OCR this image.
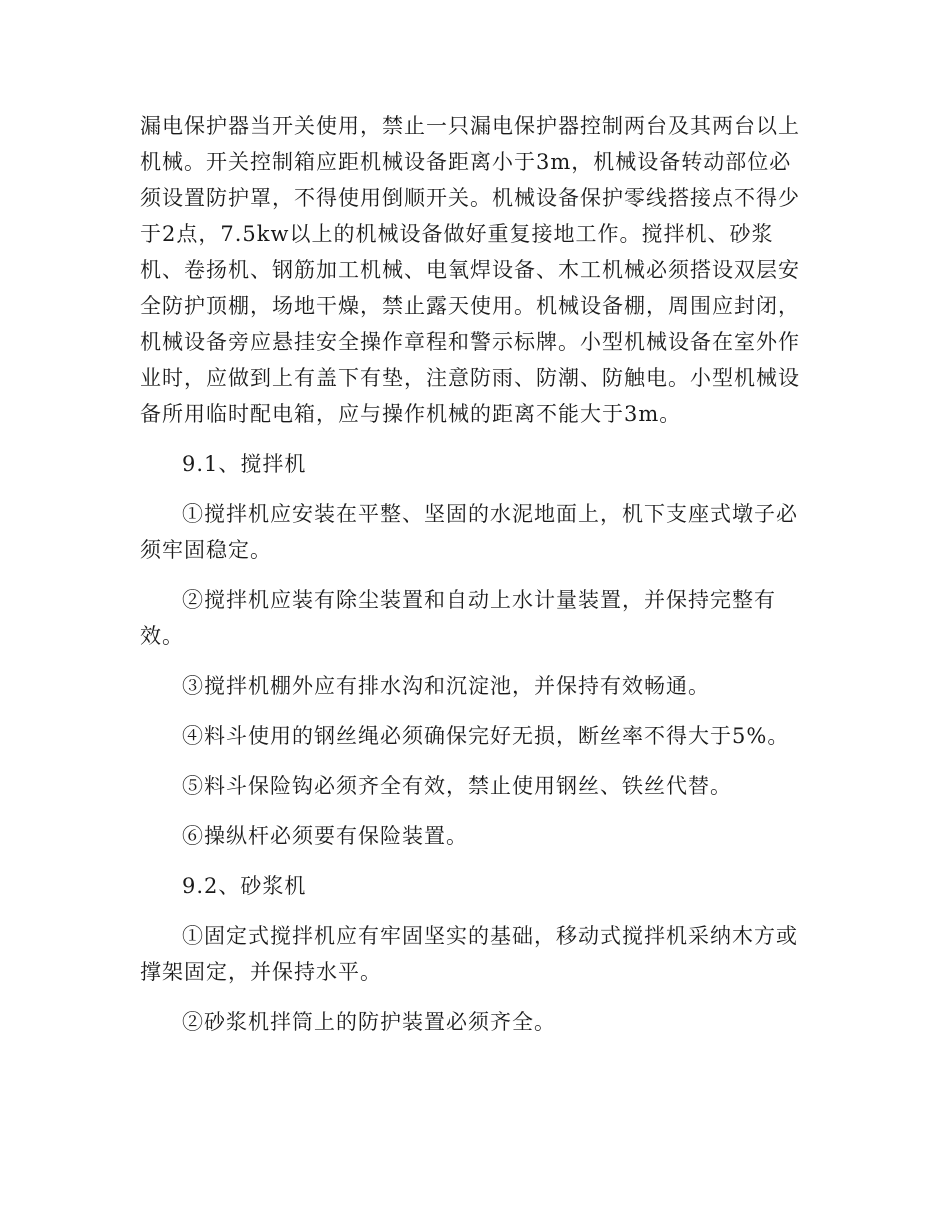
漏电保护器当开关使用，禁止一只漏电保护器控制两台及其两台以上机械。开关控制箱应距机械设备距离小于3m，机械设备转动部位必须设置防护罩，不得使用倒顺开关。机械设备保护零线搭接点不得少于2点，7.5kw以上的机械设备做好重复接地工作。搅拌机、砂浆机、卷扬机、钢筋加工机械、电氧焊设备、木工机械必须搭设双层安全防护顶棚，场地干燥，禁止露天使用。机械设备棚，周围应封闭，机械设备旁应悬挂安全操作章程和警示标牌。小型机械设备在室外作业时，应做到上有盖下有垫，注意防雨、防潮、防触电。小型机械设备所用临时配电箱，应与操作机械的距离不能大于3m。

9.1、搅拌机

①搅拌机应安装在平整、坚固的水泥地面上，机下支座式墩子必须牢固稳定。

②搅拌机应装有除尘装置和自动上水计量装置，并保持完整有效。

③搅拌机棚外应有排水沟和沉淀池，并保持有效畅通。

④料斗使用的钢丝绳必须确保完好无损，断丝率不得大于5%。

⑤料斗保险钩必须齐全有效，禁止使用钢丝、铁丝代替。

⑥操纵杆必须要有保险装置。

9.2、砂浆机

①固定式搅拌机应有牢固坚实的基础，移动式搅拌机采纳木方或撑架固定，并保持水平。

②砂浆机拌筒上的防护装置必须齐全。
